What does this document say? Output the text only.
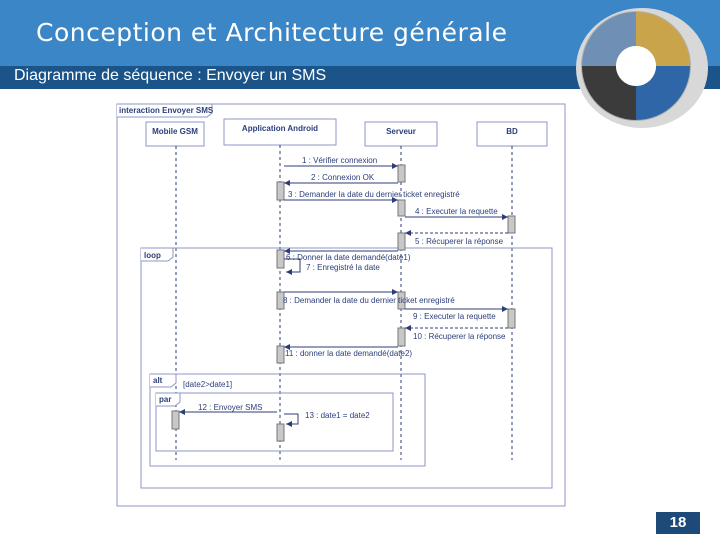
Conception et Architecture générale
Diagramme de séquence : Envoyer un SMS
interaction Envoyer SMS
Mobile GSM	Application Android	Serveur	BD
loop
alt	[date2>date1]
par
1 : Vérifier connexion
2 : Connexion OK
3 : Demander la date du dernier ticket enregistré
4 : Executer la requette
5 : Récuperer la réponse
6 : Donner la date demandé(date1)
7 : Enregistré la date
8 : Demander la date du dernier ticket enregistré
9 : Executer la requette
10 : Récuperer la réponse
11 : donner la date demandé(date2)
12 : Envoyer SMS
13 : date1 = date2
18
